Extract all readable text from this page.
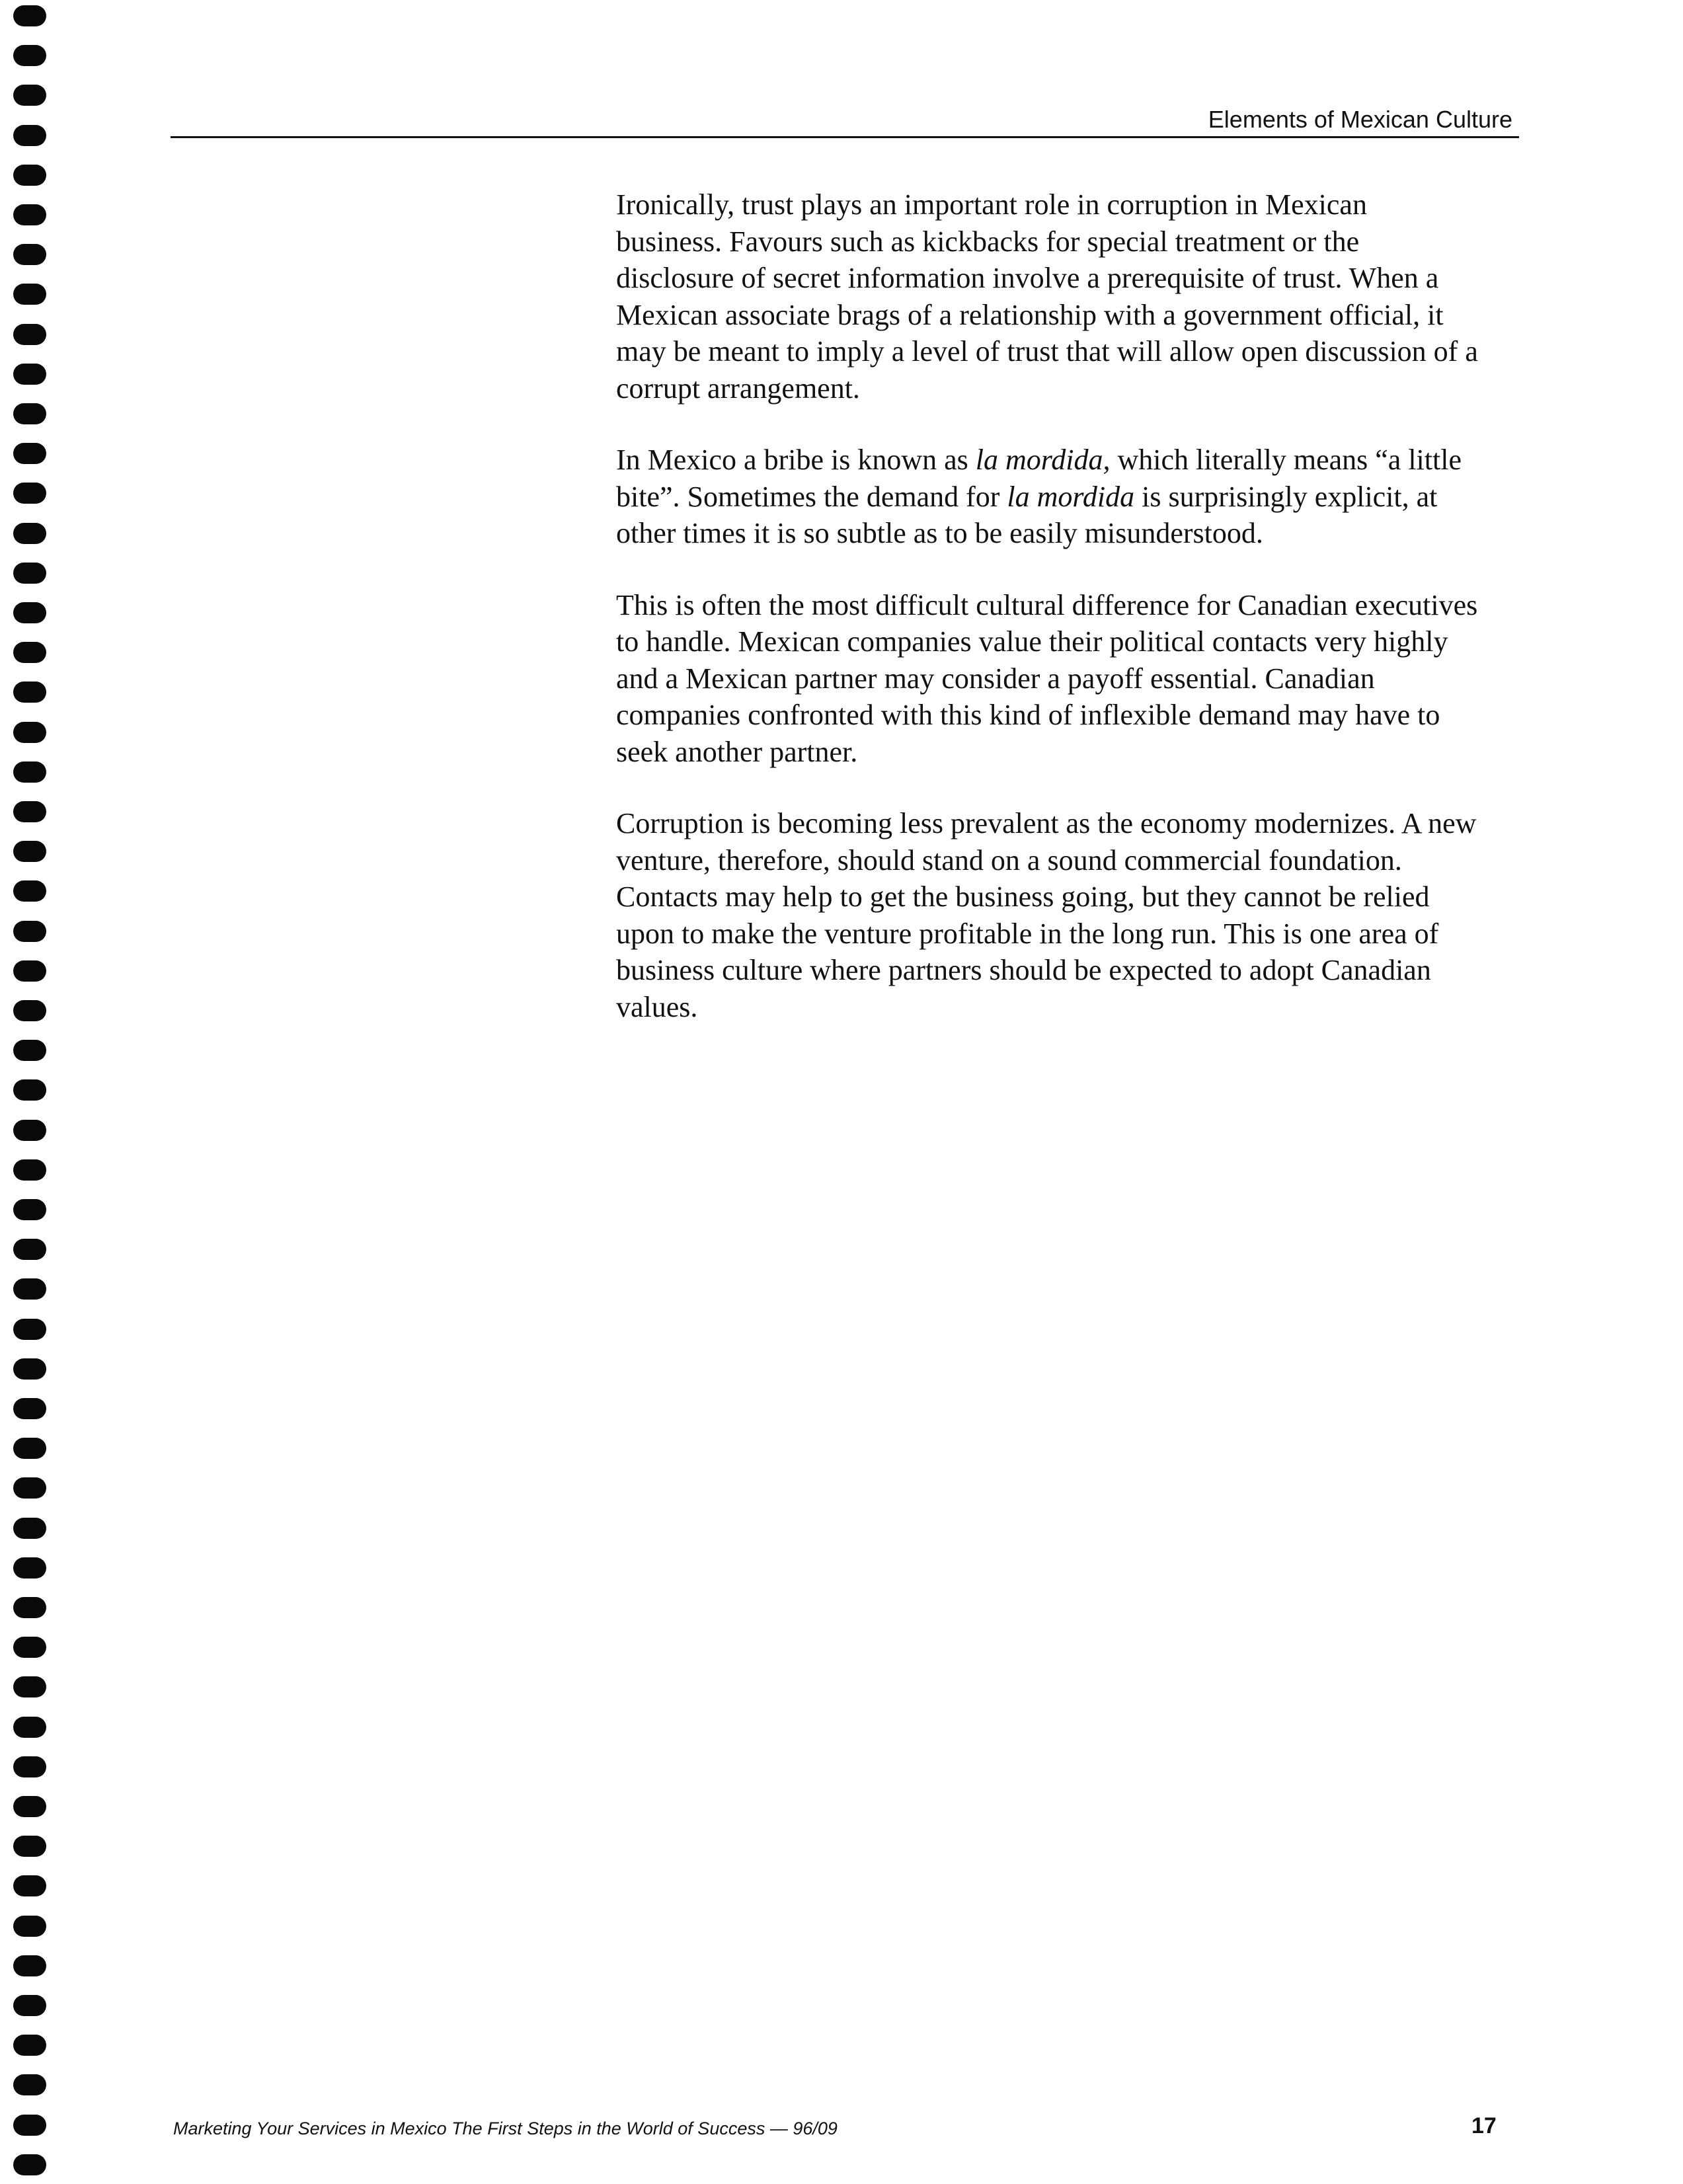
Elements of Mexican Culture

Ironically, trust plays an important role in corruption in Mexican
business. Favours such as kickbacks for special treatment or the
disclosure of secret information involve a prerequisite of trust. When a
Mexican associate brags of a relationship with a government official, it
may be meant to imply a level of trust that will allow open discussion of a
corrupt arrangement.

In Mexico a bribe is known as la mordida, which literally means “a little
bite”. Sometimes the demand for la mordida is surprisingly explicit, at
other times it is so subtle as to be easily misunderstood.

This is often the most difficult cultural difference for Canadian executives
to handle. Mexican companies value their political contacts very highly
and a Mexican partner may consider a payoff essential. Canadian
companies confronted with this kind of inflexible demand may have to
seek another partner.

Corruption is becoming less prevalent as the economy modernizes. A new
venture, therefore, should stand on a sound commercial foundation.
Contacts may help to get the business going, but they cannot be relied
upon to make the venture profitable in the long run. This is one area of
business culture where partners should be expected to adopt Canadian
values.

Marketing Your Services in Mexico The First Steps in the World of Success — 96/09	17
